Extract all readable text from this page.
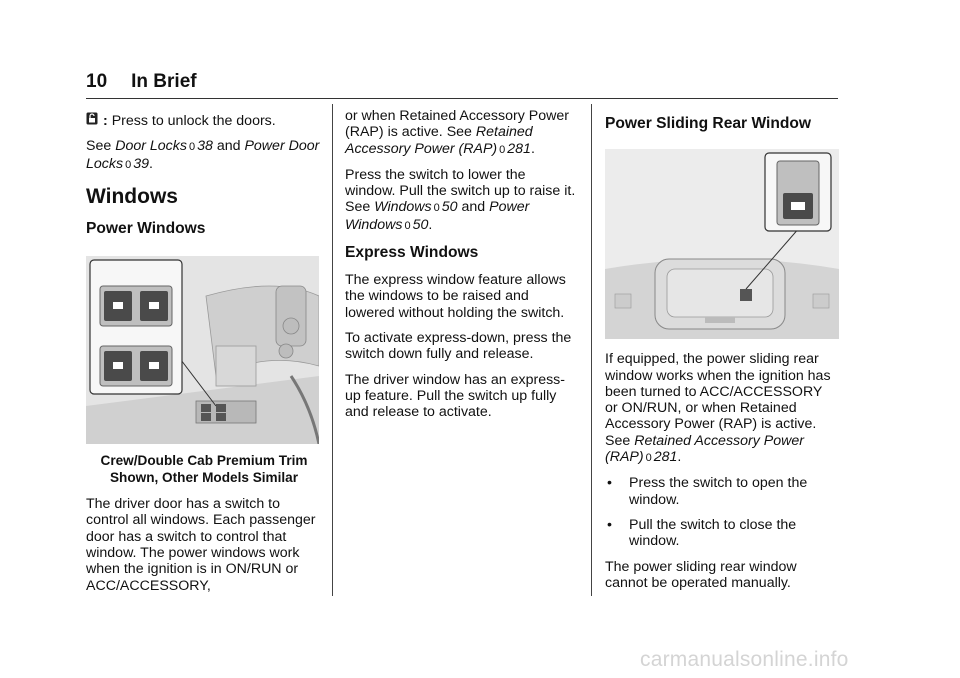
10 In Brief

:
Press to unlock the doors.

See Door Locks 0 38 and Power Door Locks 0 39.

Windows
Power Windows
Crew/Double Cab Premium Trim
Shown, Other Models Similar

The driver door has a switch to control all windows. Each passenger door has a switch to control that window. The power windows work when the ignition is in ON/RUN or ACC/ACCESSORY,

or when Retained Accessory Power (RAP) is active. See Retained Accessory Power (RAP) 0 281.

Press the switch to lower the window. Pull the switch up to raise it. See Windows 0 50 and Power Windows 0 50.

Express Windows

The express window feature allows the windows to be raised and lowered without holding the switch.

To activate express-down, press the switch down fully and release.

The driver window has an express-up feature. Pull the switch up fully and release to activate.

Power Sliding Rear Window

If equipped, the power sliding rear window works when the ignition has been turned to ACC/ACCESSORY or ON/RUN, or when Retained Accessory Power (RAP) is active. See Retained Accessory Power (RAP) 0 281.

•	Press the switch to open the window.
•	Pull the switch to close the window.

The power sliding rear window cannot be operated manually.

carmanualsonline.info
